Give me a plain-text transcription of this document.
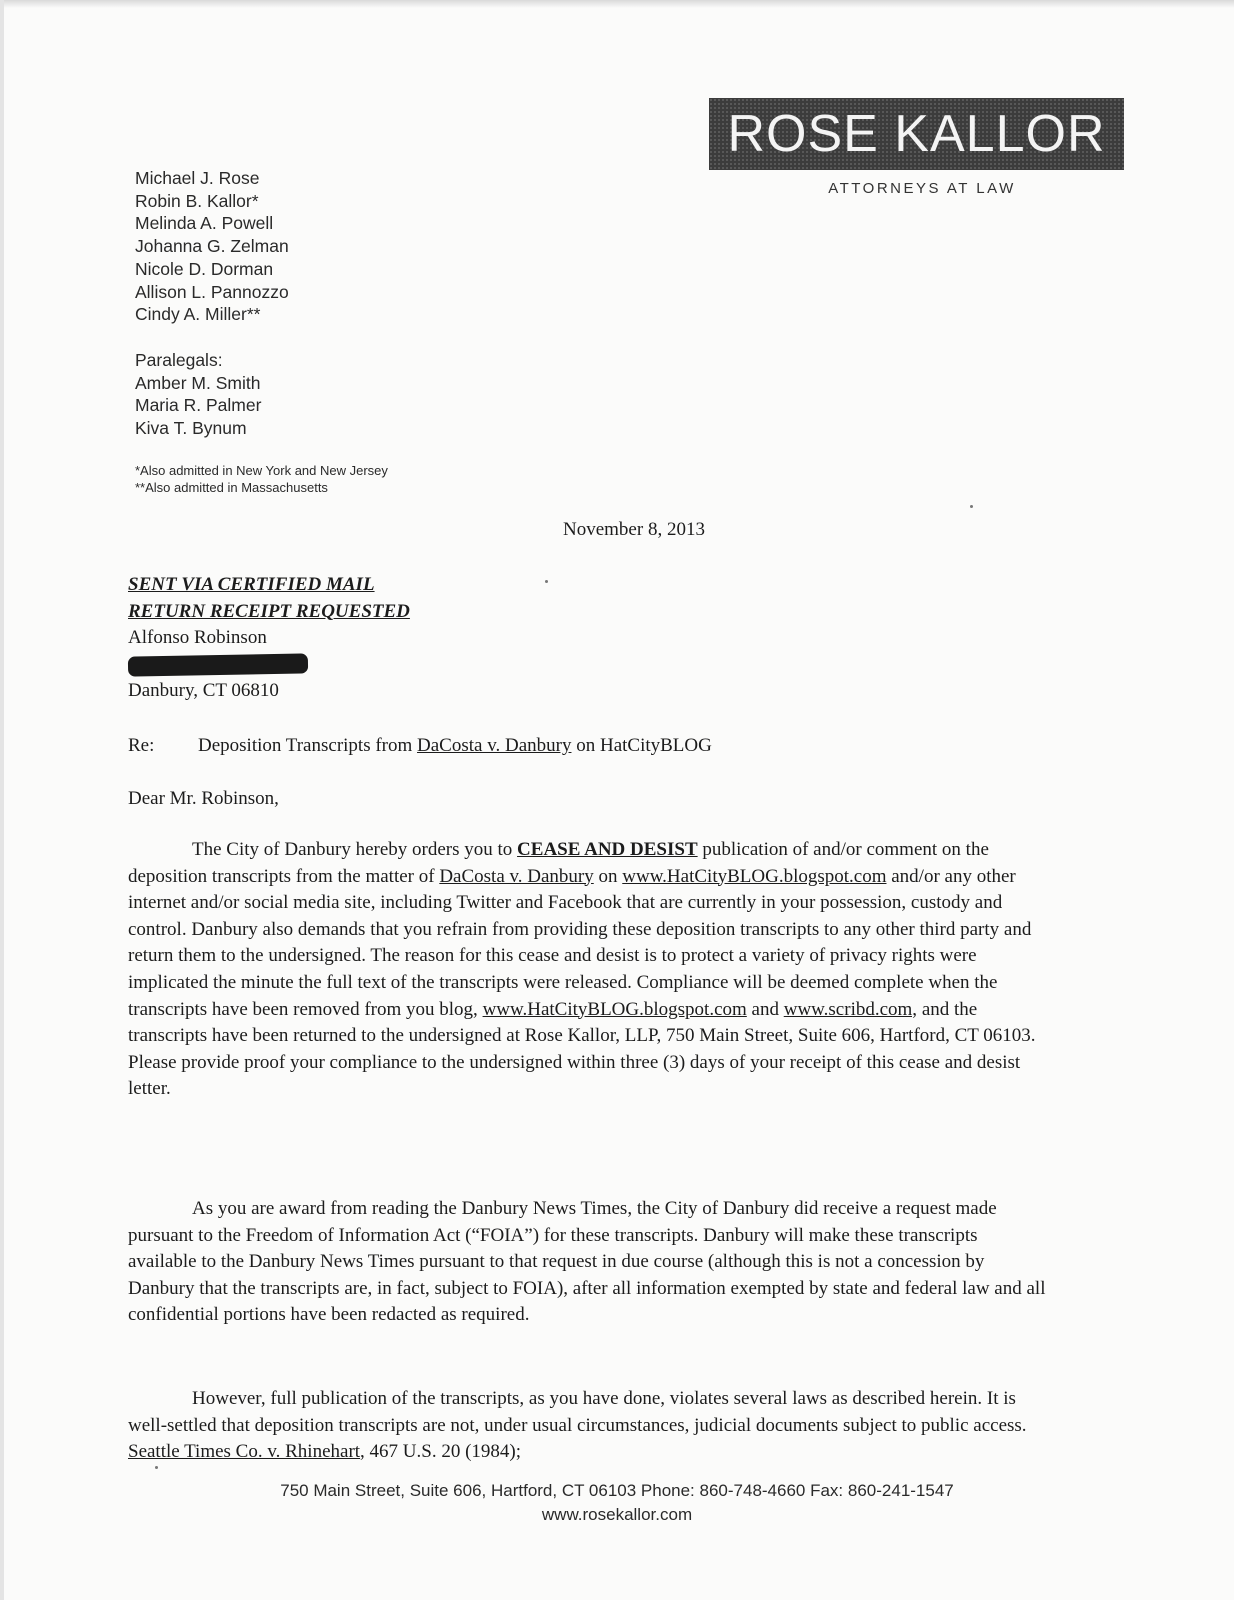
ROSE KALLOR
ATTORNEYS AT LAW
Michael J. Rose
Robin B. Kallor*
Melinda A. Powell
Johanna G. Zelman
Nicole D. Dorman
Allison L. Pannozzo
Cindy A. Miller**
Paralegals:
Amber M. Smith
Maria R. Palmer
Kiva T. Bynum
*Also admitted in New York and New Jersey
**Also admitted in Massachusetts
November 8, 2013
SENT VIA CERTIFIED MAIL
RETURN RECEIPT REQUESTED
Alfonso Robinson
Danbury, CT 06810
Re: Deposition Transcripts from DaCosta v. Danbury on HatCityBLOG
Dear Mr. Robinson,

The City of Danbury hereby orders you to CEASE AND DESIST publication of and/or comment on the deposition transcripts from the matter of DaCosta v. Danbury on www.HatCityBLOG.blogspot.com and/or any other internet and/or social media site, including Twitter and Facebook that are currently in your possession, custody and control. Danbury also demands that you refrain from providing these deposition transcripts to any other third party and return them to the undersigned. The reason for this cease and desist is to protect a variety of privacy rights were implicated the minute the full text of the transcripts were released. Compliance will be deemed complete when the transcripts have been removed from you blog, www.HatCityBLOG.blogspot.com and www.scribd.com, and the transcripts have been returned to the undersigned at Rose Kallor, LLP, 750 Main Street, Suite 606, Hartford, CT 06103. Please provide proof your compliance to the undersigned within three (3) days of your receipt of this cease and desist letter.

As you are award from reading the Danbury News Times, the City of Danbury did receive a request made pursuant to the Freedom of Information Act (“FOIA”) for these transcripts. Danbury will make these transcripts available to the Danbury News Times pursuant to that request in due course (although this is not a concession by Danbury that the transcripts are, in fact, subject to FOIA), after all information exempted by state and federal law and all confidential portions have been redacted as required.

However, full publication of the transcripts, as you have done, violates several laws as described herein. It is well-settled that deposition transcripts are not, under usual circumstances, judicial documents subject to public access. Seattle Times Co. v. Rhinehart, 467 U.S. 20 (1984);

750 Main Street, Suite 606, Hartford, CT 06103 Phone: 860-748-4660 Fax: 860-241-1547
www.rosekallor.com
